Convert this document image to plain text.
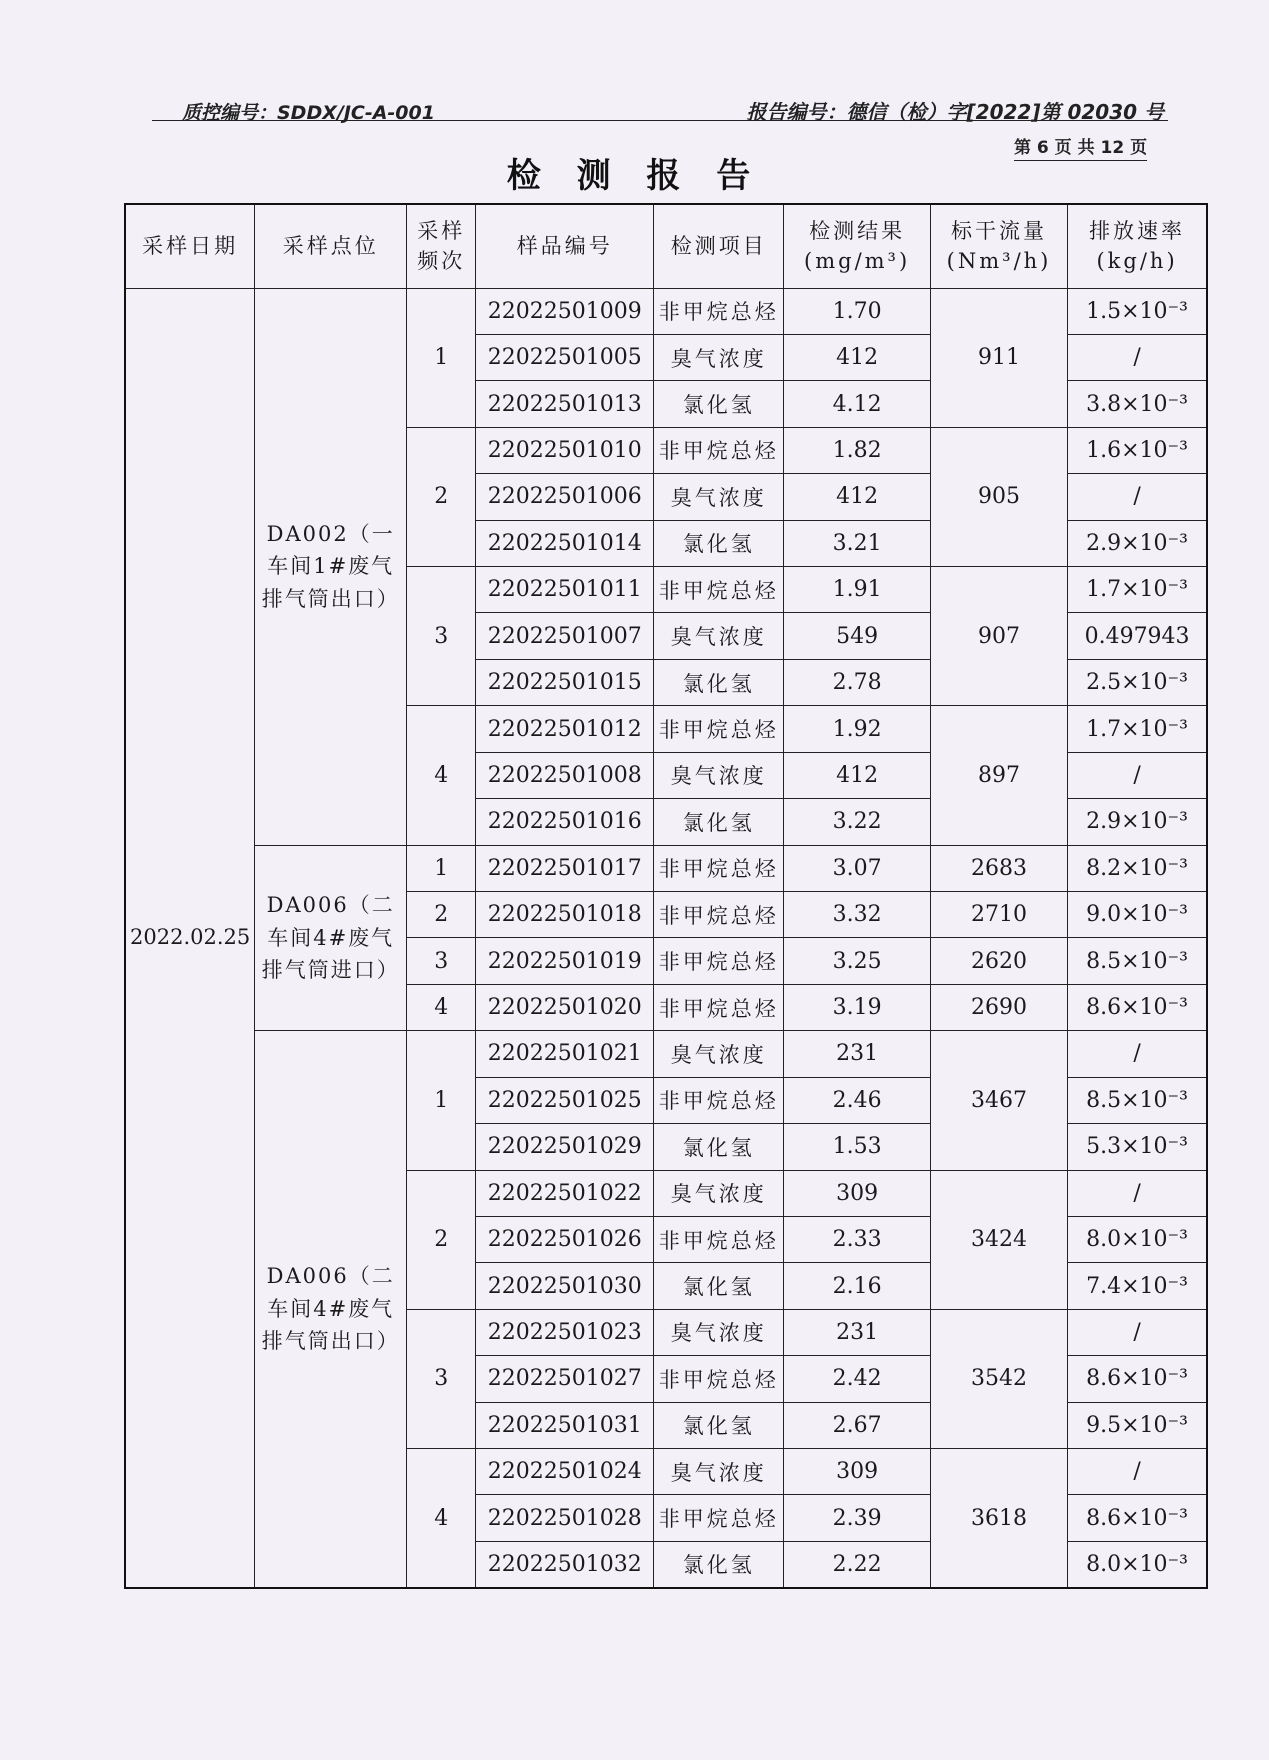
质控编号：SDDX/JC-A-001	报告编号：德信（检）字[2022]第 02030 号
第 6 页 共 12 页
检 测 报 告
采样日期	采样点位	采样频次	样品编号	检测项目	检测结果(mg/m³)	标干流量(Nm³/h)	排放速率(kg/h)
2022.02.25	DA002（一车间1#废气排气筒出口）	1	22022501009	非甲烷总烃	1.70	911	1.5×10⁻³
			22022501005	臭气浓度	412		/
			22022501013	氯化氢	4.12		3.8×10⁻³
		2	22022501010	非甲烷总烃	1.82	905	1.6×10⁻³
			22022501006	臭气浓度	412		/
			22022501014	氯化氢	3.21		2.9×10⁻³
		3	22022501011	非甲烷总烃	1.91	907	1.7×10⁻³
			22022501007	臭气浓度	549		0.497943
			22022501015	氯化氢	2.78		2.5×10⁻³
		4	22022501012	非甲烷总烃	1.92	897	1.7×10⁻³
			22022501008	臭气浓度	412		/
			22022501016	氯化氢	3.22		2.9×10⁻³
	DA006（二车间4#废气排气筒进口）	1	22022501017	非甲烷总烃	3.07	2683	8.2×10⁻³
		2	22022501018	非甲烷总烃	3.32	2710	9.0×10⁻³
		3	22022501019	非甲烷总烃	3.25	2620	8.5×10⁻³
		4	22022501020	非甲烷总烃	3.19	2690	8.6×10⁻³
	DA006（二车间4#废气排气筒出口）	1	22022501021	臭气浓度	231	3467	/
			22022501025	非甲烷总烃	2.46		8.5×10⁻³
			22022501029	氯化氢	1.53		5.3×10⁻³
		2	22022501022	臭气浓度	309	3424	/
			22022501026	非甲烷总烃	2.33		8.0×10⁻³
			22022501030	氯化氢	2.16		7.4×10⁻³
		3	22022501023	臭气浓度	231	3542	/
			22022501027	非甲烷总烃	2.42		8.6×10⁻³
			22022501031	氯化氢	2.67		9.5×10⁻³
		4	22022501024	臭气浓度	309	3618	/
			22022501028	非甲烷总烃	2.39		8.6×10⁻³
			22022501032	氯化氢	2.22		8.0×10⁻³
